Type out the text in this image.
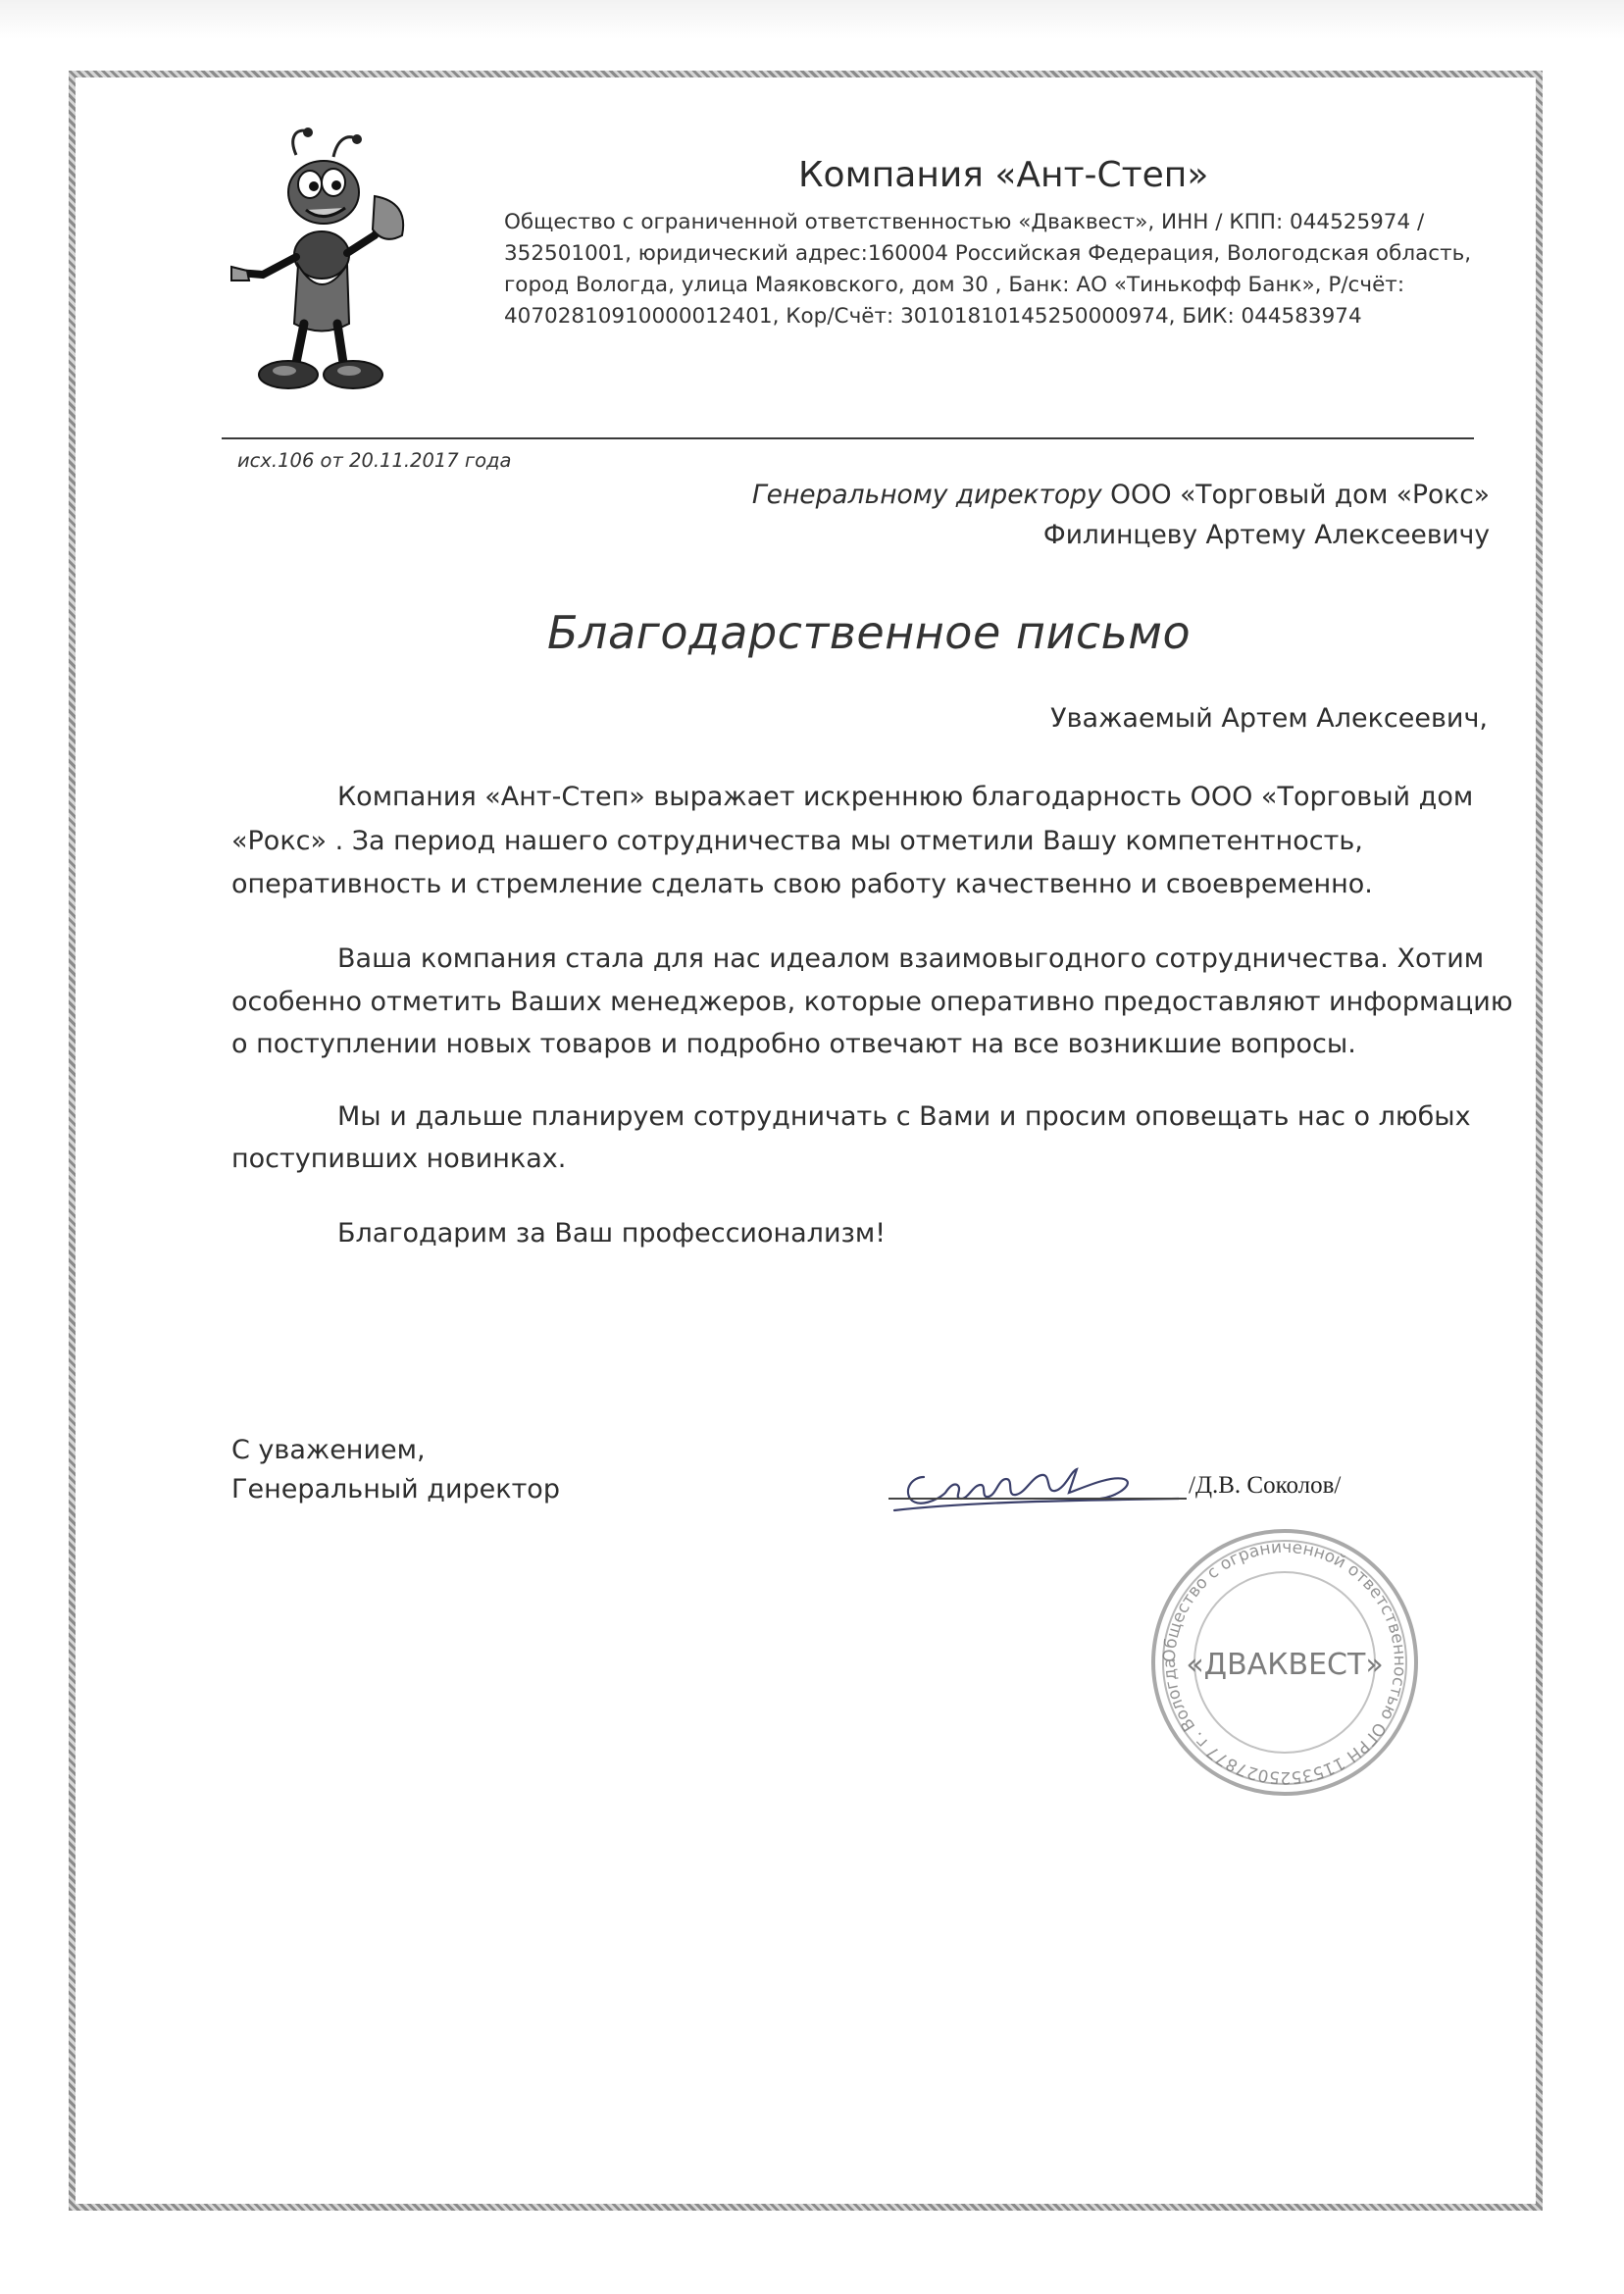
Компания «Ант-Степ»
Общество с ограниченной ответственностью «Дваквест», ИНН / КПП: 044525974 /
352501001, юридический адрес:160004 Российская Федерация, Вологодская область,
город Вологда, улица Маяковского, дом 30 , Банк: АО «Тинькофф Банк», Р/счёт:
40702810910000012401, Кор/Счёт: 30101810145250000974, БИК: 044583974
исх.106 от 20.11.2017 года
Генеральному директору ООО «Торговый дом «Рокс»
Филинцеву Артему Алексеевичу
Благодарственное письмо
Уважаемый Артем Алексеевич,
Компания «Ант-Степ» выражает искреннюю благодарность ООО «Торговый дом
«Рокс» . За период нашего сотрудничества мы отметили Вашу компетентность,
оперативность и стремление сделать свою работу качественно и своевременно.
Ваша компания стала для нас идеалом взаимовыгодного сотрудничества. Хотим
особенно отметить Ваших менеджеров, которые оперативно предоставляют информацию
о поступлении новых товаров и подробно отвечают на все возникшие вопросы.
Мы и дальше планируем сотрудничать с Вами и просим оповещать нас о любых
поступивших новинках.
Благодарим за Ваш профессионализм!
С уважением,
Генеральный директор	/Д.В. Соколов/
Общество с ограниченной ответственностью ОГРН 1153525027877 г. Вологда «ДВАКВЕСТ»
